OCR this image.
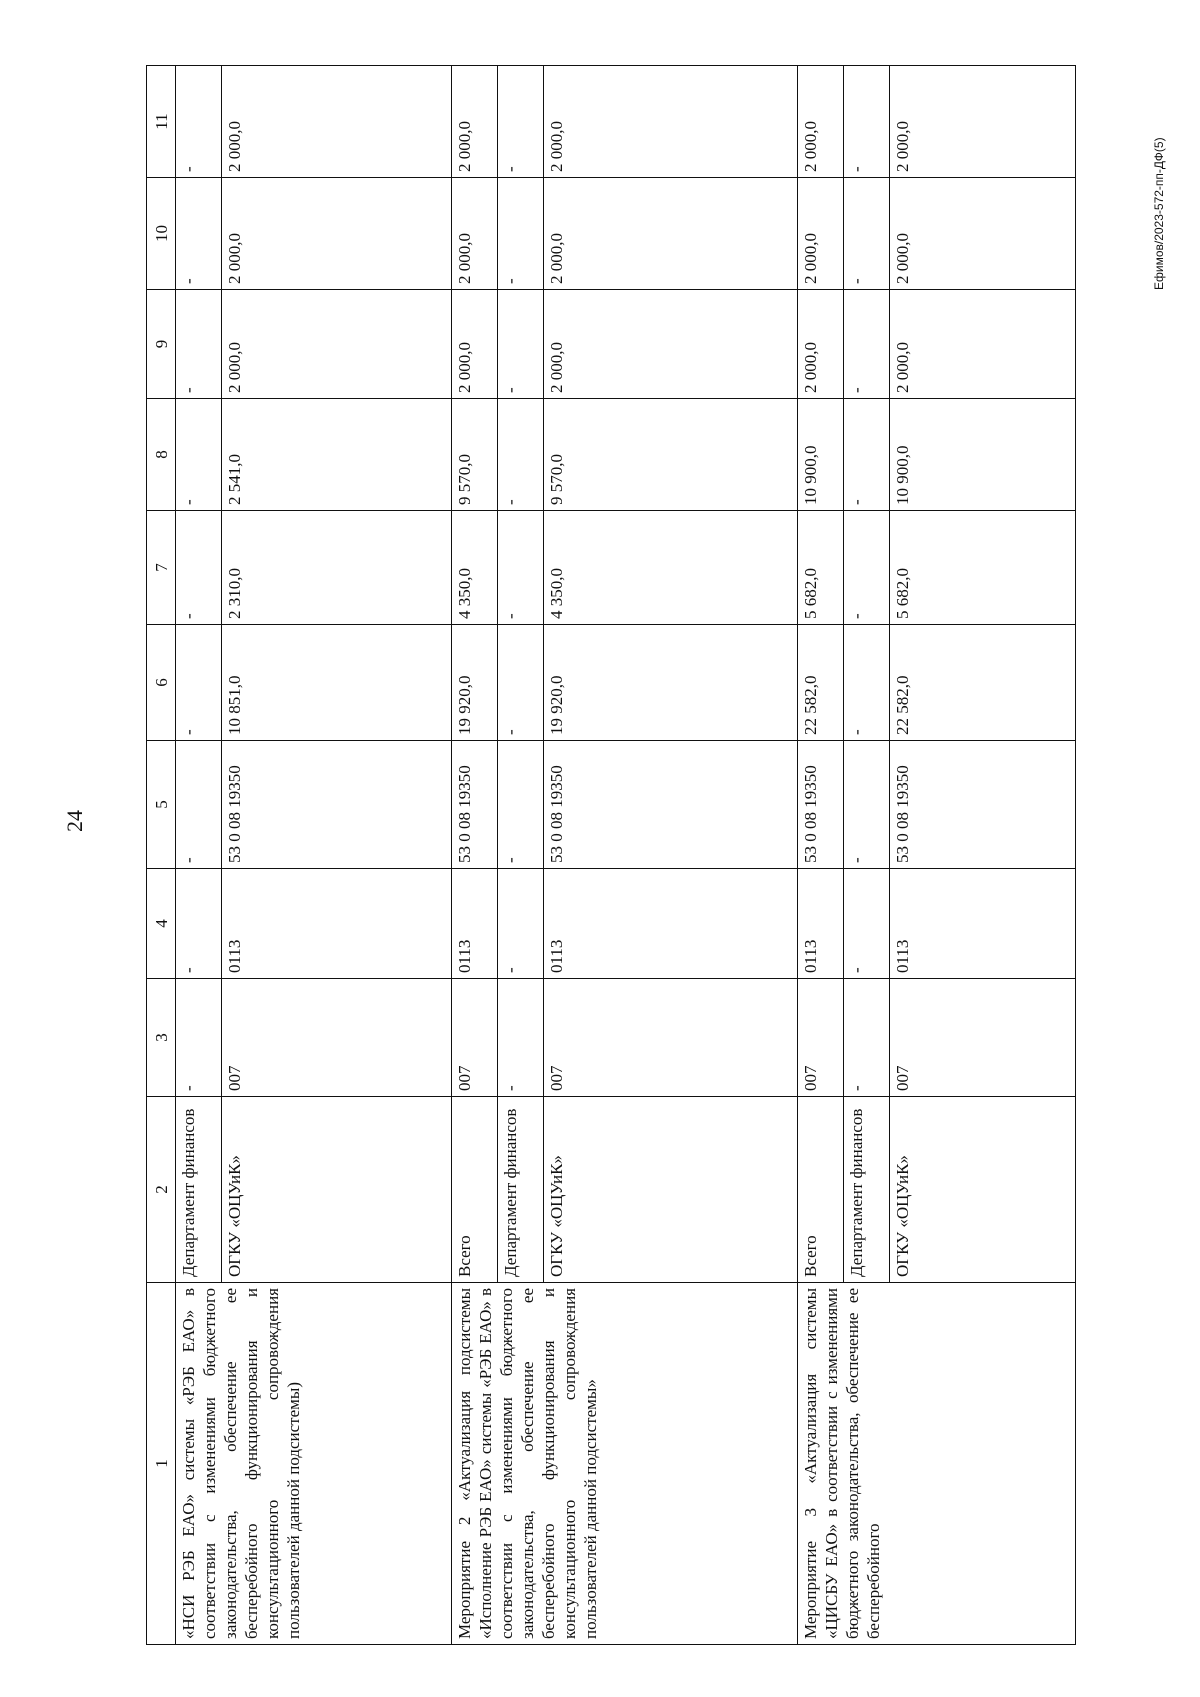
24
Ефимов/2023-572-пп-ДФ(5)
1	2	3	4	5	6	7	8	9	10	11
«НСИ РЭБ ЕАО» системы «РЭБ ЕАО» в соответствии с изменениями бюджетного законодательства, обеспечение ее бесперебойного функционирования и консультационного сопровождения пользователей данной подсистемы)	Департамент финансов	-	-	-	-	-	-	-	-	-
	ОГКУ «ОЦУиК»	007	0113	53 0 08 19350	10 851,0	2 310,0	2 541,0	2 000,0	2 000,0	2 000,0
Мероприятие 2 «Актуализация подсистемы «Исполнение РЭБ ЕАО» системы «РЭБ ЕАО» в соответствии с изменениями бюджетного законодательства, обеспечение ее бесперебойного функционирования и консультационного сопровождения пользователей данной подсистемы»	Всего	007	0113	53 0 08 19350	19 920,0	4 350,0	9 570,0	2 000,0	2 000,0	2 000,0
	Департамент финансов	-	-	-	-	-	-	-	-	-
	ОГКУ «ОЦУиК»	007	0113	53 0 08 19350	19 920,0	4 350,0	9 570,0	2 000,0	2 000,0	2 000,0
Мероприятие 3 «Актуализация системы «ЦИСБУ ЕАО» в соответствии с изменениями бюджетного законодательства, обеспечение ее бесперебойного	Всего	007	0113	53 0 08 19350	22 582,0	5 682,0	10 900,0	2 000,0	2 000,0	2 000,0
	Департамент финансов	-	-	-	-	-	-	-	-	-
	ОГКУ «ОЦУиК»	007	0113	53 0 08 19350	22 582,0	5 682,0	10 900,0	2 000,0	2 000,0	2 000,0
